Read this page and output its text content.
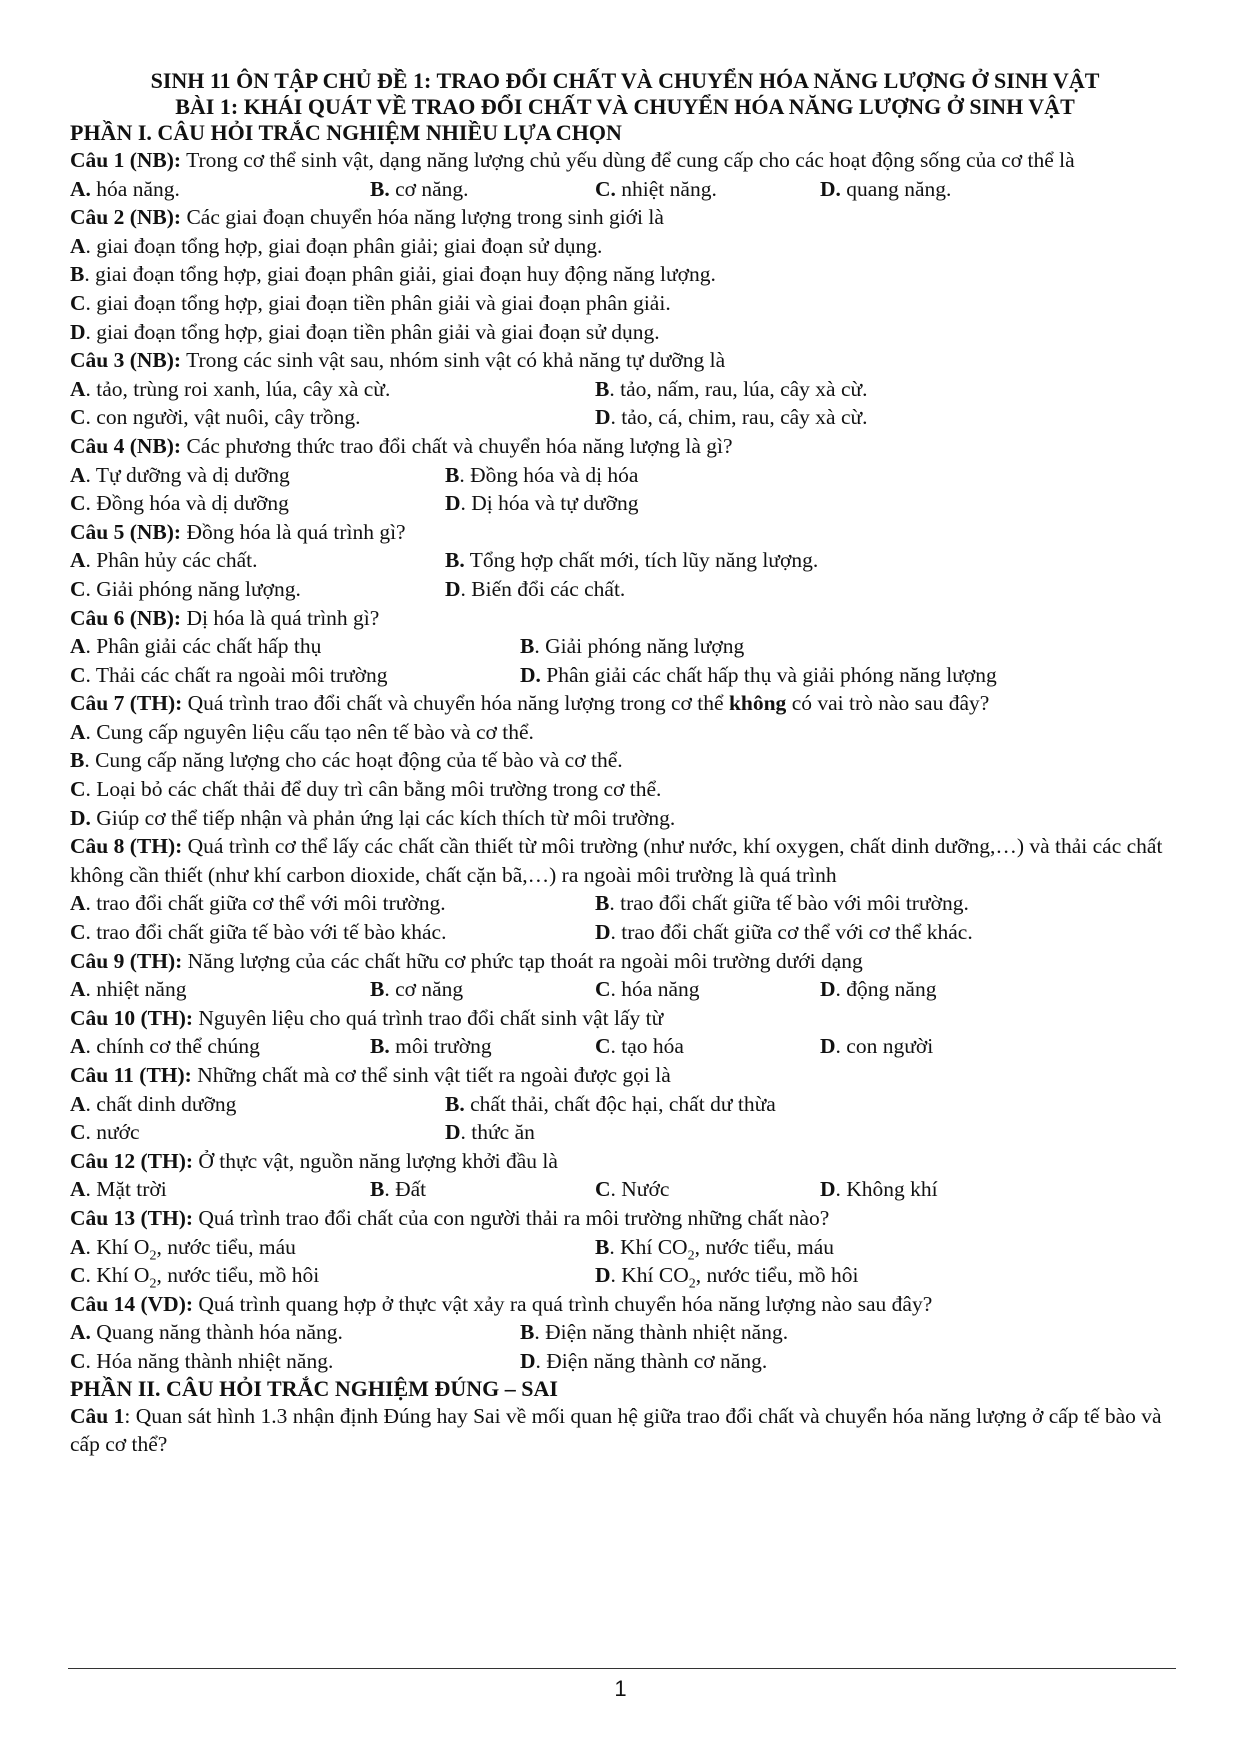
SINH 11 ÔN TẬP CHỦ ĐỀ 1: TRAO ĐỔI CHẤT VÀ CHUYỂN HÓA NĂNG LƯỢNG Ở SINH VẬT

BÀI 1: KHÁI QUÁT VỀ TRAO ĐỔI CHẤT VÀ CHUYỂN HÓA NĂNG LƯỢNG Ở SINH VẬT

PHẦN I. CÂU HỎI TRẮC NGHIỆM NHIỀU LỰA CHỌN

Câu 1 (NB): Trong cơ thể sinh vật, dạng năng lượng chủ yếu dùng để cung cấp cho các hoạt động sống của cơ thể là

A. hóa năng.	B. cơ năng.	C. nhiệt năng.	D. quang năng.

Câu 2 (NB): Các giai đoạn chuyển hóa năng lượng trong sinh giới là

A. giai đoạn tổng hợp, giai đoạn phân giải; giai đoạn sử dụng.

B. giai đoạn tổng hợp, giai đoạn phân giải, giai đoạn huy động năng lượng.

C. giai đoạn tổng hợp, giai đoạn tiền phân giải và giai đoạn phân giải.

D. giai đoạn tổng hợp, giai đoạn tiền phân giải và giai đoạn sử dụng.

Câu 3 (NB): Trong các sinh vật sau, nhóm sinh vật có khả năng tự dưỡng là

A. tảo, trùng roi xanh, lúa, cây xà cừ.	B. tảo, nấm, rau, lúa, cây xà cừ.
C. con người, vật nuôi, cây trồng.	D. tảo, cá, chim, rau, cây xà cừ.

Câu 4 (NB): Các phương thức trao đổi chất và chuyển hóa năng lượng là gì?

A. Tự dưỡng và dị dưỡng	B. Đồng hóa và dị hóa
C. Đồng hóa và dị dưỡng	D. Dị hóa và tự dưỡng

Câu 5 (NB): Đồng hóa là quá trình gì?

A. Phân hủy các chất.	B. Tổng hợp chất mới, tích lũy năng lượng.
C. Giải phóng năng lượng.	D. Biến đổi các chất.

Câu 6 (NB): Dị hóa là quá trình gì?

A. Phân giải các chất hấp thụ	B. Giải phóng năng lượng
C. Thải các chất ra ngoài môi trường	D. Phân giải các chất hấp thụ và giải phóng năng lượng

Câu 7 (TH): Quá trình trao đổi chất và chuyển hóa năng lượng trong cơ thể không có vai trò nào sau đây?

A. Cung cấp nguyên liệu cấu tạo nên tế bào và cơ thể.

B. Cung cấp năng lượng cho các hoạt động của tế bào và cơ thể.

C. Loại bỏ các chất thải để duy trì cân bằng môi trường trong cơ thể.

D. Giúp cơ thể tiếp nhận và phản ứng lại các kích thích từ môi trường.

Câu 8 (TH): Quá trình cơ thể lấy các chất cần thiết từ môi trường (như nước, khí oxygen, chất dinh dưỡng,…) và thải các chất không cần thiết (như khí carbon dioxide, chất cặn bã,…) ra ngoài môi trường là quá trình

A. trao đổi chất giữa cơ thể với môi trường.	B. trao đổi chất giữa tế bào với môi trường.
C. trao đổi chất giữa tế bào với tế bào khác.	D. trao đổi chất giữa cơ thể với cơ thể khác.

Câu 9 (TH): Năng lượng của các chất hữu cơ phức tạp thoát ra ngoài môi trường dưới dạng

A. nhiệt năng	B. cơ năng	C. hóa năng	D. động năng

Câu 10 (TH): Nguyên liệu cho quá trình trao đổi chất sinh vật lấy từ

A. chính cơ thể chúng	B. môi trường	C. tạo hóa	D. con người

Câu 11 (TH): Những chất mà cơ thể sinh vật tiết ra ngoài được gọi là

A. chất dinh dưỡng	B. chất thải, chất độc hại, chất dư thừa
C. nước	D. thức ăn

Câu 12 (TH): Ở thực vật, nguồn năng lượng khởi đầu là

A. Mặt trời	B. Đất	C. Nước	D. Không khí

Câu 13 (TH): Quá trình trao đổi chất của con người thải ra môi trường những chất nào?

A. Khí $O_2$, nước tiểu, máu	B. Khí $CO_2$, nước tiểu, máu
C. Khí $O_2$, nước tiểu, mồ hôi	D. Khí $CO_2$, nước tiểu, mồ hôi

Câu 14 (VD): Quá trình quang hợp ở thực vật xảy ra quá trình chuyển hóa năng lượng nào sau đây?

A. Quang năng thành hóa năng.	B. Điện năng thành nhiệt năng.
C. Hóa năng thành nhiệt năng.	D. Điện năng thành cơ năng.

PHẦN II. CÂU HỎI TRẮC NGHIỆM ĐÚNG – SAI

Câu 1: Quan sát hình 1.3 nhận định Đúng hay Sai về mối quan hệ giữa trao đổi chất và chuyển hóa năng lượng ở cấp tế bào và cấp cơ thể?

1
